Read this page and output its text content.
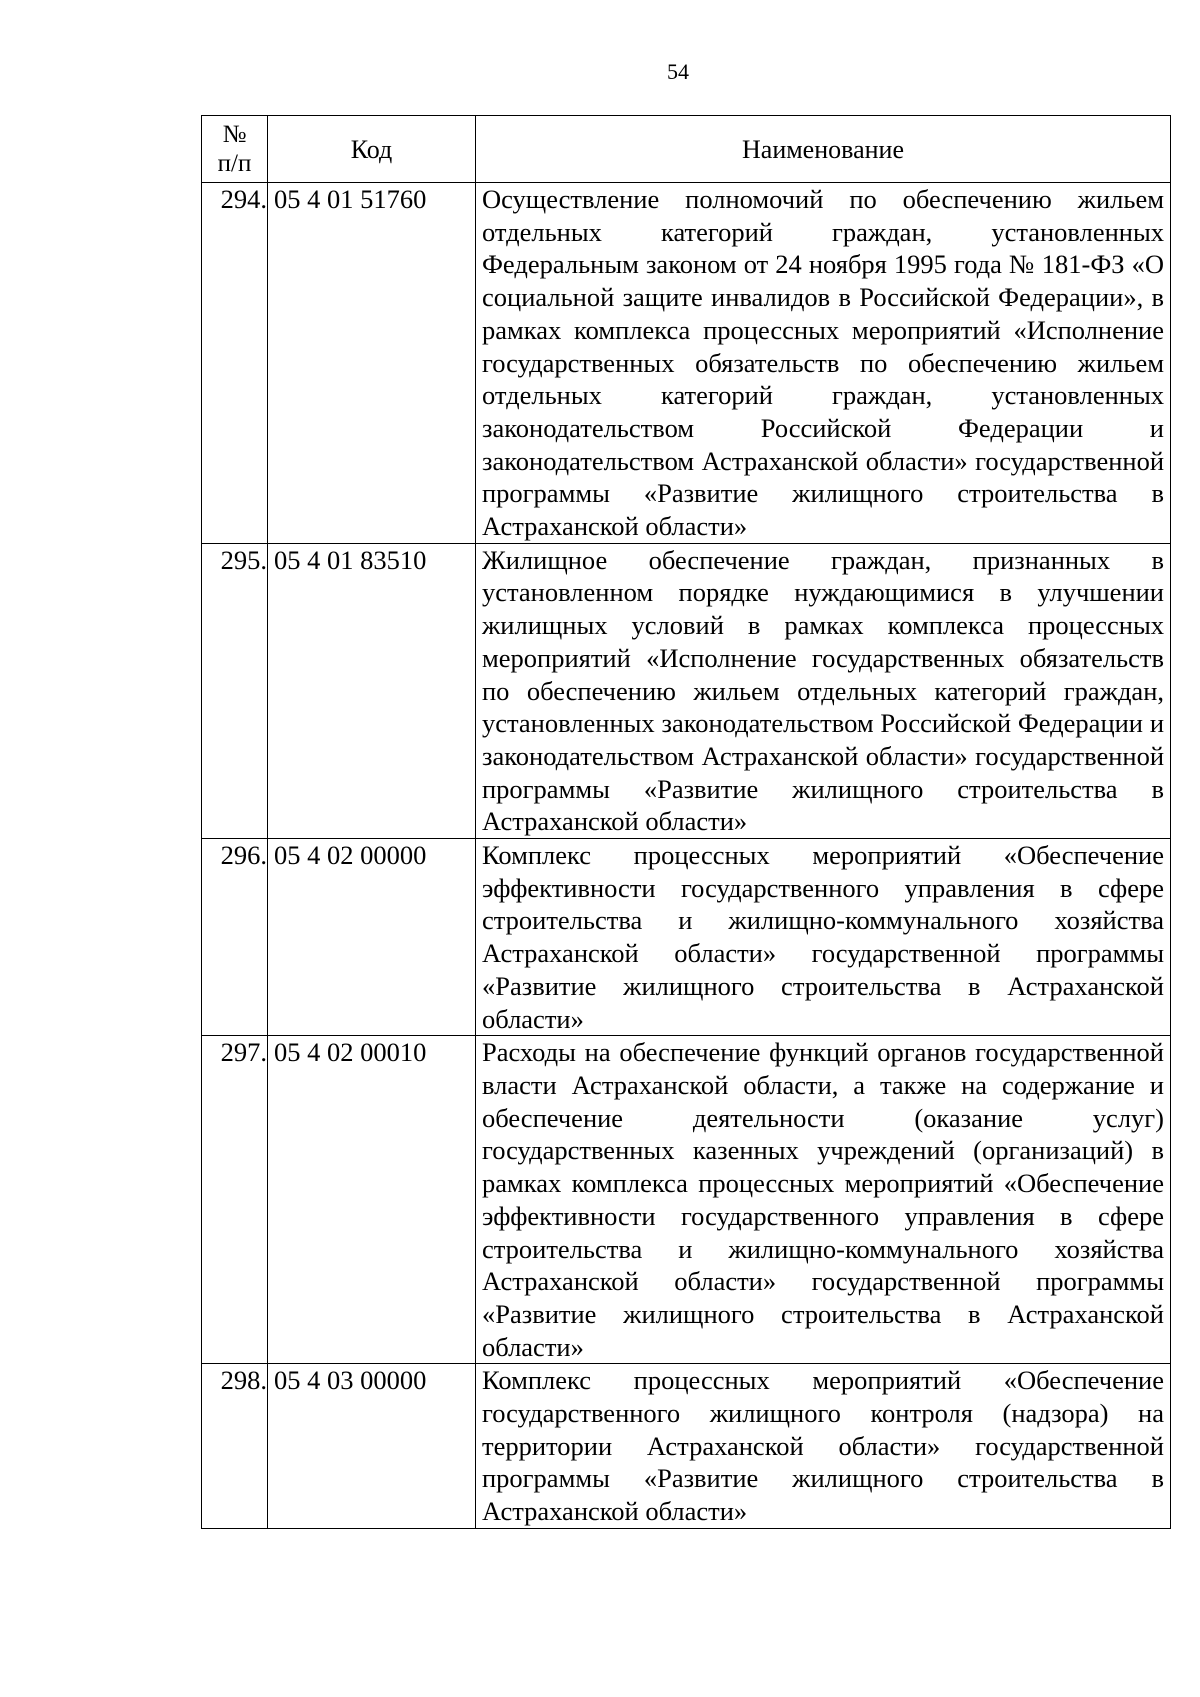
54
№
п/п	Код	Наименование
294.	05 4 01 51760	Осуществление полномочий по обеспечению жильем отдельных категорий граждан, установленных Федеральным законом от 24 ноября 1995 года № 181-ФЗ «О социальной защите инвалидов в Российской Федерации», в рамках комплекса процессных мероприятий «Исполнение государственных обязательств по обеспечению жильем отдельных категорий граждан, установленных законодательством Российской Федерации и законодательством Астраханской области» государственной программы «Развитие жилищного строительства в Астраханской области»

295.	05 4 01 83510	Жилищное обеспечение граждан, признанных в установленном порядке нуждающимися в улучшении жилищных условий в рамках комплекса процессных мероприятий «Исполнение государственных обязательств по обеспечению жильем отдельных категорий граждан, установленных законодательством Российской Федерации и законодательством Астраханской области» государственной программы «Развитие жилищного строительства в Астраханской области»

296.	05 4 02 00000	Комплекс процессных мероприятий «Обеспечение эффективности государственного управления в сфере строительства и жилищно-коммунального хозяйства Астраханской области» государственной программы «Развитие жилищного строительства в Астраханской области»

297.	05 4 02 00010	Расходы на обеспечение функций органов государственной власти Астраханской области, а также на содержание и обеспечение деятельности (оказание услуг) государственных казенных учреждений (организаций) в рамках комплекса процессных мероприятий «Обеспечение эффективности государственного управления в сфере строительства и жилищно-коммунального хозяйства Астраханской области» государственной программы «Развитие жилищного строительства в Астраханской области»

298.	05 4 03 00000	Комплекс процессных мероприятий «Обеспечение государственного жилищного контроля (надзора) на территории Астраханской области» государственной программы «Развитие жилищного строительства в Астраханской области»
